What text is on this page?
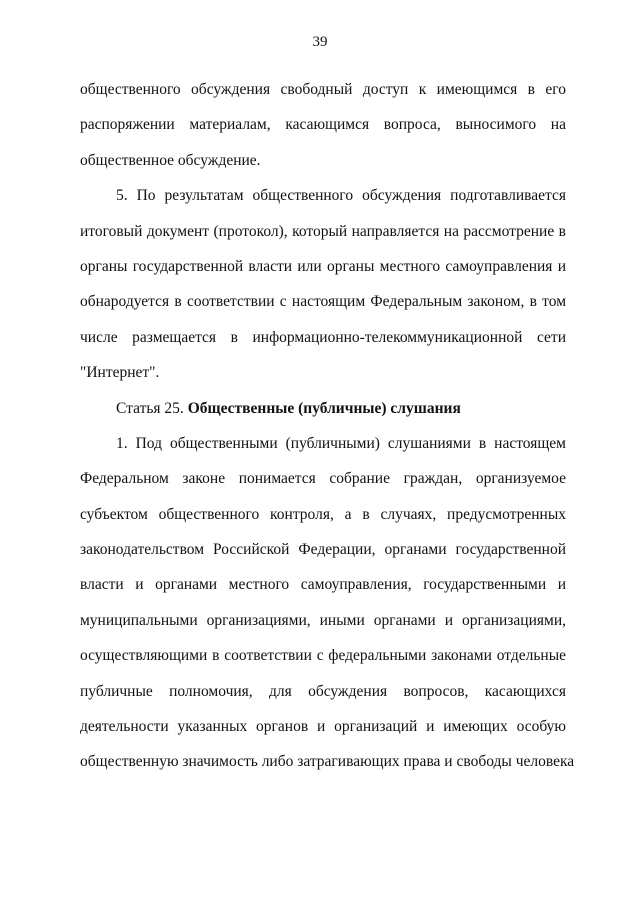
39
общественного обсуждения свободный доступ к имеющимся в его
распоряжении материалам, касающимся вопроса, выносимого на
общественное обсуждение.
5. По результатам общественного обсуждения подготавливается
итоговый документ (протокол), который направляется на рассмотрение в
органы государственной власти или органы местного самоуправления и
обнародуется в соответствии с настоящим Федеральным законом, в том
числе размещается в информационно-телекоммуникационной сети
"Интернет".
Статья 25. Общественные (публичные) слушания
1. Под общественными (публичными) слушаниями в настоящем
Федеральном законе понимается собрание граждан, организуемое
субъектом общественного контроля, а в случаях, предусмотренных
законодательством Российской Федерации, органами государственной
власти и органами местного самоуправления, государственными и
муниципальными организациями, иными органами и организациями,
осуществляющими в соответствии с федеральными законами отдельные
публичные полномочия, для обсуждения вопросов, касающихся
деятельности указанных органов и организаций и имеющих особую
общественную значимость либо затрагивающих права и свободы человека
